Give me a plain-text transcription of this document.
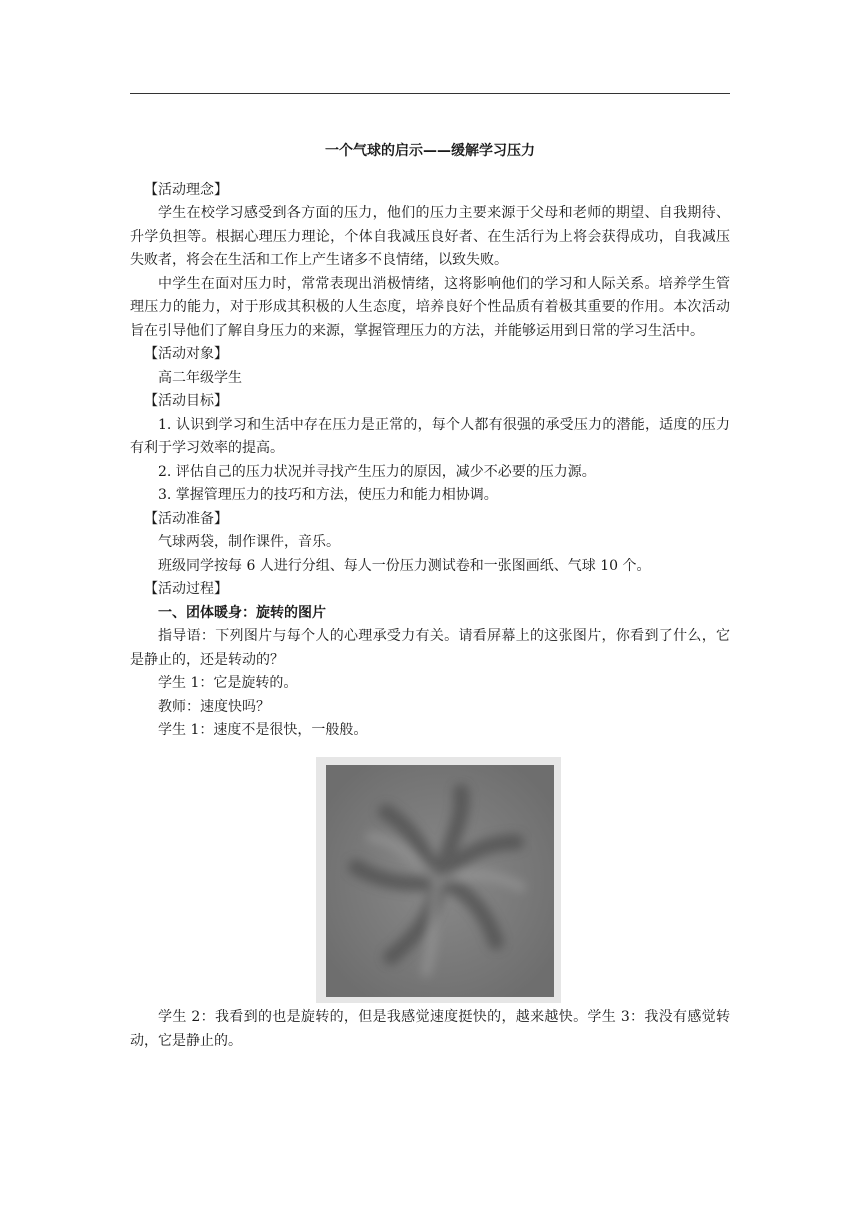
一个气球的启示——缓解学习压力

【活动理念】

学生在校学习感受到各方面的压力，他们的压力主要来源于父母和老师的期望、自我期待、升学负担等。根据心理压力理论，个体自我减压良好者、在生活行为上将会获得成功，自我减压失败者，将会在生活和工作上产生诸多不良情绪，以致失败。

中学生在面对压力时，常常表现出消极情绪，这将影响他们的学习和人际关系。培养学生管理压力的能力，对于形成其积极的人生态度，培养良好个性品质有着极其重要的作用。本次活动旨在引导他们了解自身压力的来源，掌握管理压力的方法，并能够运用到日常的学习生活中。

【活动对象】

高二年级学生

【活动目标】

1. 认识到学习和生活中存在压力是正常的，每个人都有很强的承受压力的潜能，适度的压力有利于学习效率的提高。

2. 评估自己的压力状况并寻找产生压力的原因，减少不必要的压力源。

3. 掌握管理压力的技巧和方法，使压力和能力相协调。

【活动准备】

气球两袋，制作课件，音乐。

班级同学按每 6 人进行分组、每人一份压力测试卷和一张图画纸、气球 10 个。

【活动过程】

一、团体暖身：旋转的图片

指导语：下列图片与每个人的心理承受力有关。请看屏幕上的这张图片，你看到了什么，它是静止的，还是转动的？

学生 1：它是旋转的。

教师：速度快吗？

学生 1：速度不是很快，一般般。

学生 2：我看到的也是旋转的，但是我感觉速度挺快的，越来越快。学生 3：我没有感觉转动，它是静止的。
